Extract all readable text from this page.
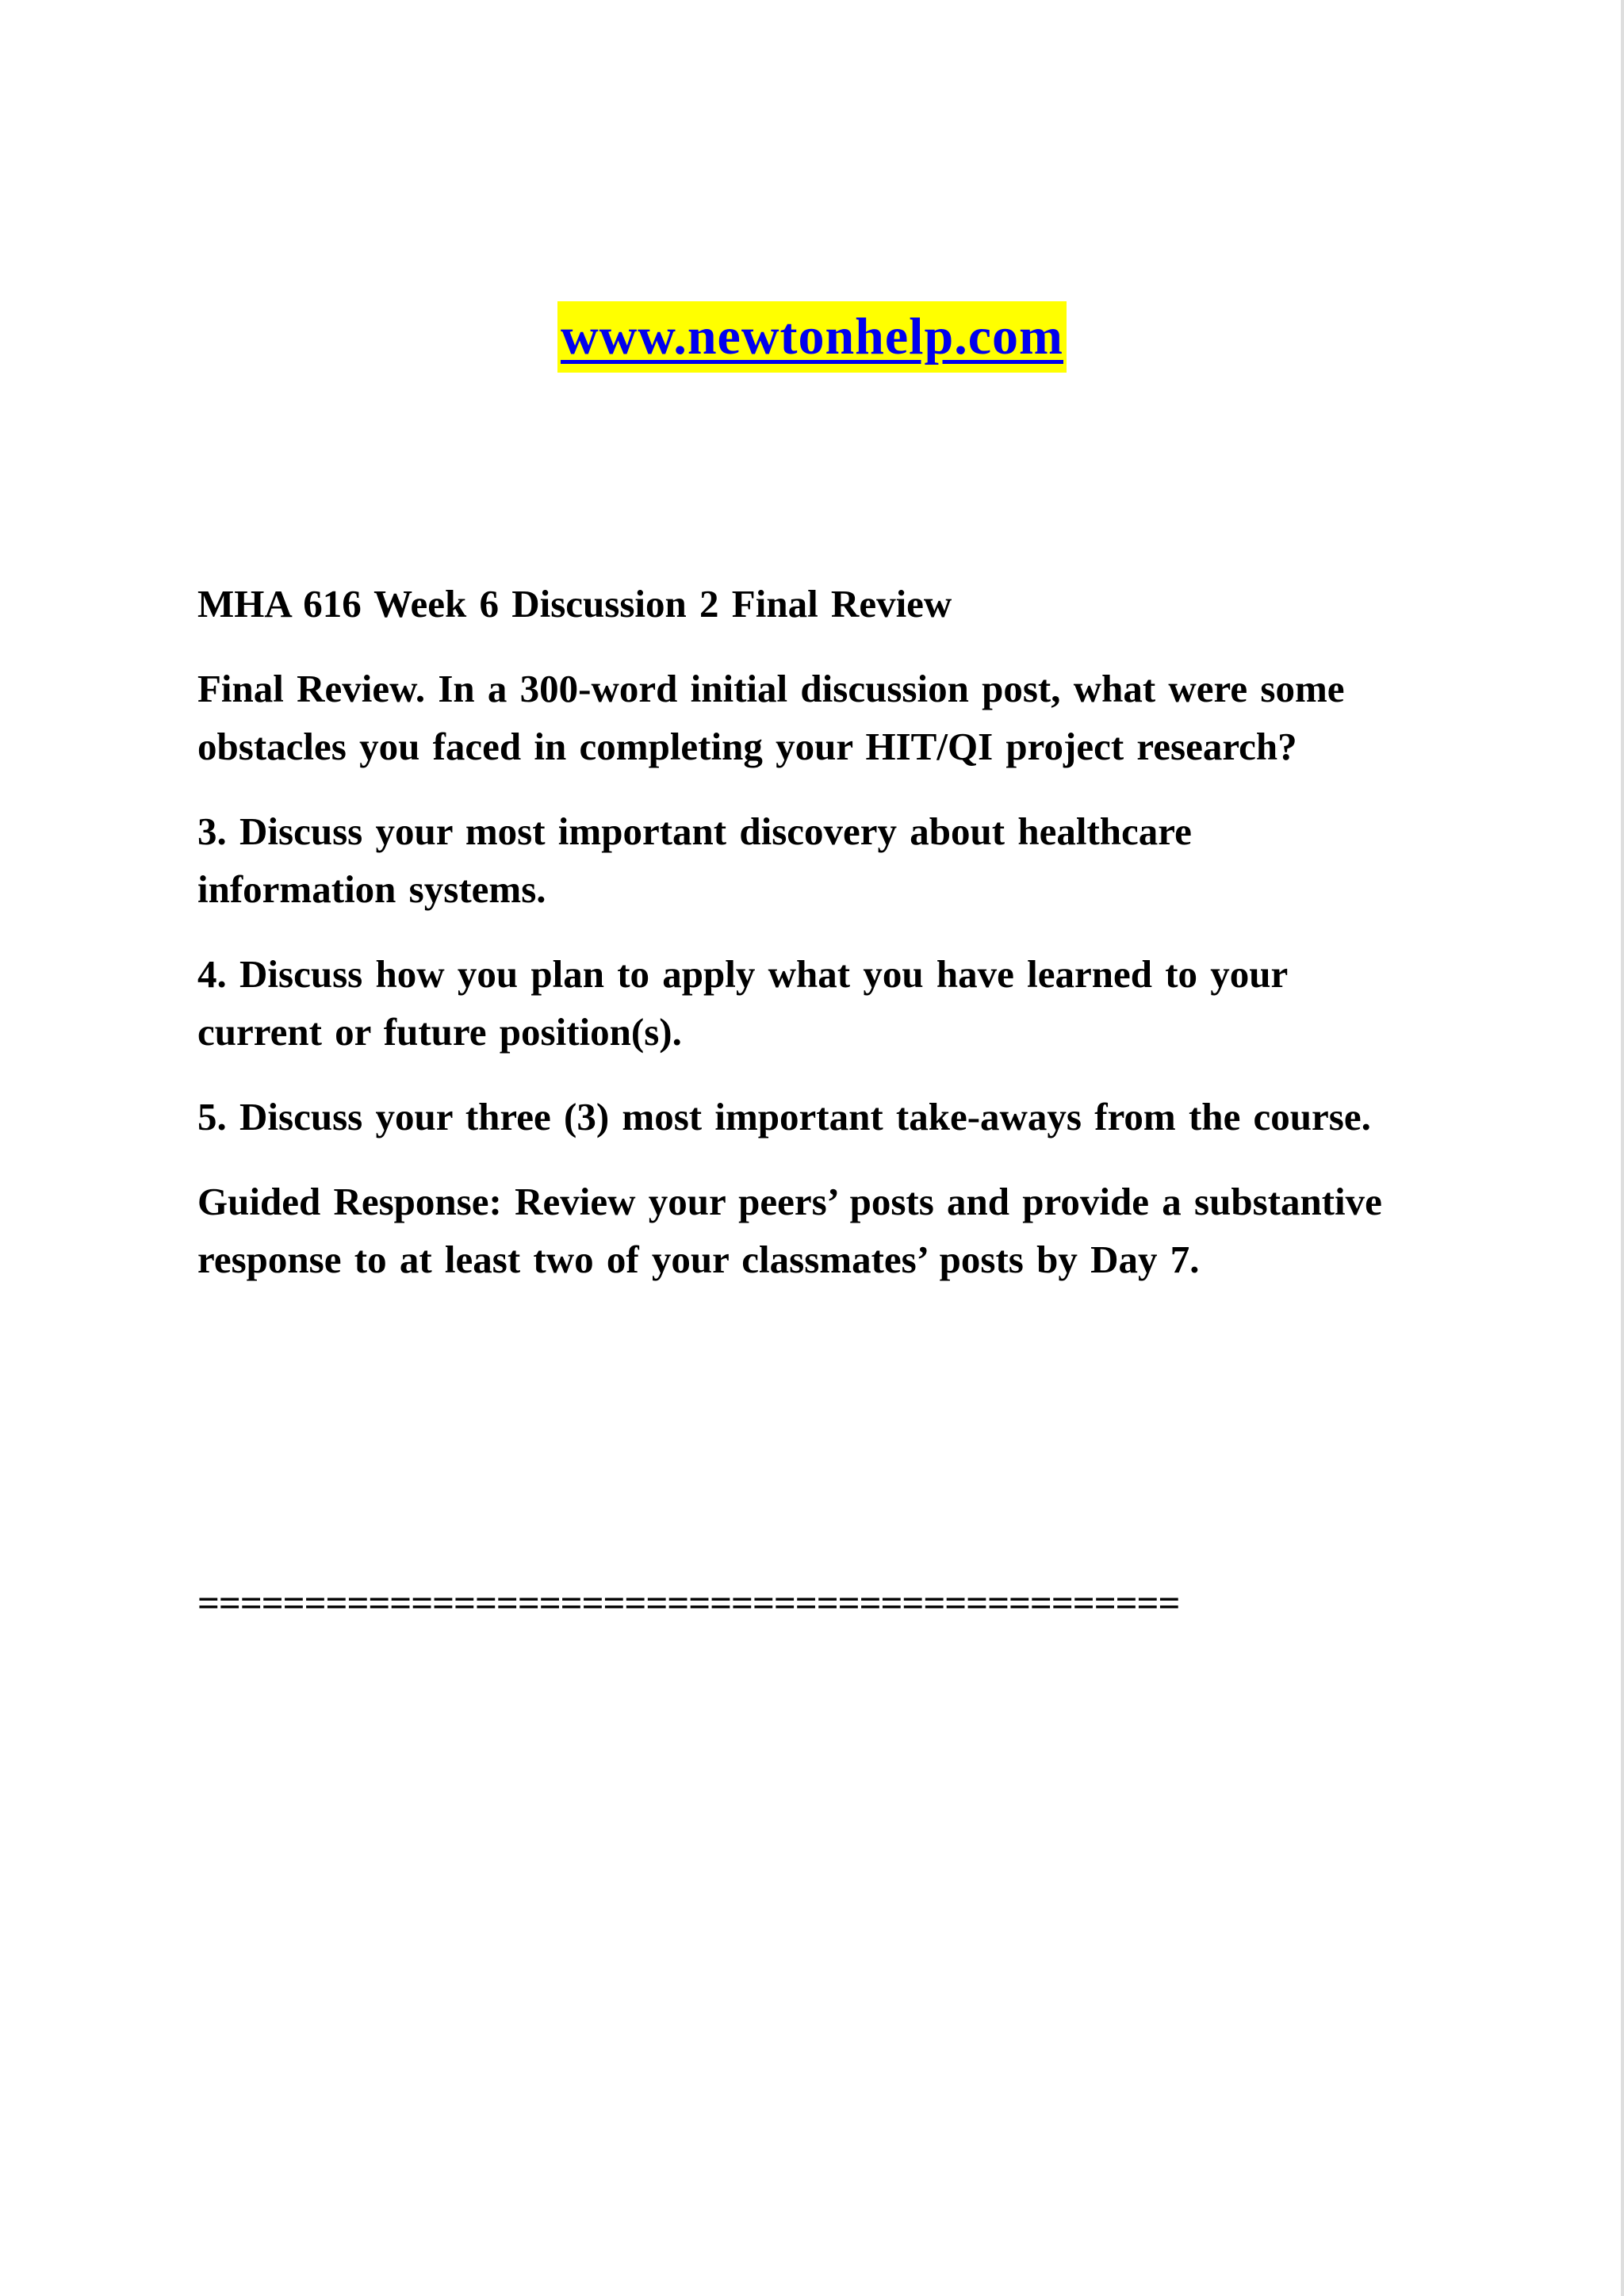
www.newtonhelp.com

MHA 616 Week 6 Discussion 2 Final Review

Final Review. In a 300-word initial discussion post, what were some obstacles you faced in completing your HIT/QI project research?

3. Discuss your most important discovery about healthcare information systems.

4. Discuss how you plan to apply what you have learned to your current or future position(s).

5. Discuss your three (3) most important take-aways from the course.

Guided Response: Review your peers’ posts and provide a substantive response to at least two of your classmates’ posts by Day 7.

==============================================
